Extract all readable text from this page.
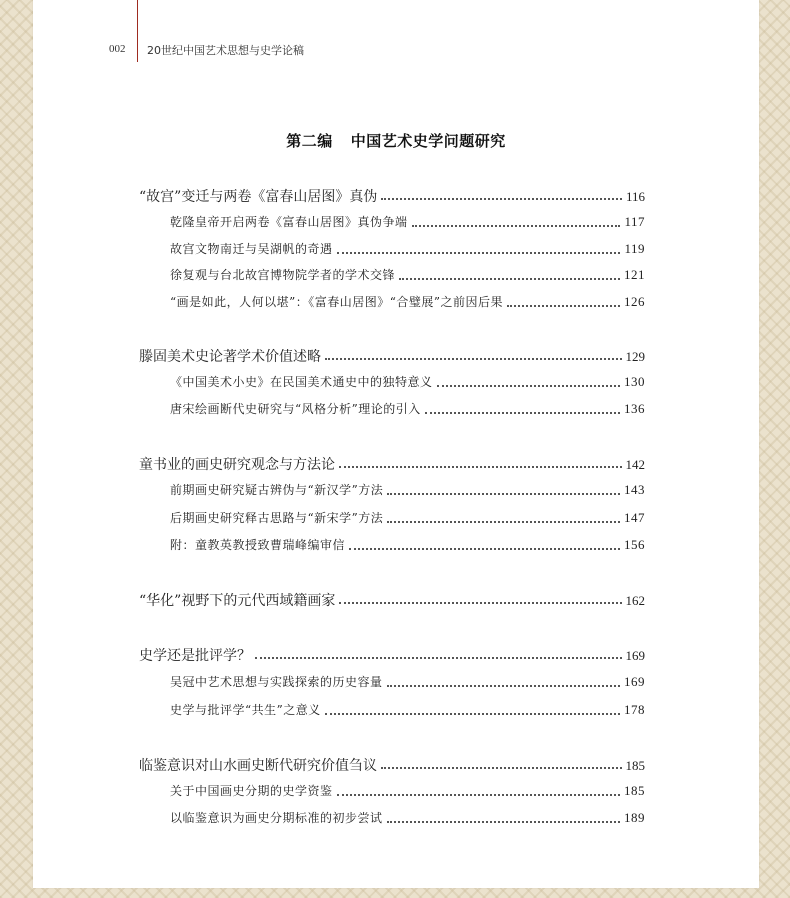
002 20世纪中国艺术思想与史学论稿
第二编 中国艺术史学问题研究
“故宫”变迁与两卷《富春山居图》真伪	116
乾隆皇帝开启两卷《富春山居图》真伪争端	117
故宫文物南迁与吴湖帆的奇遇	119
徐复观与台北故宫博物院学者的学术交锋	121
“画是如此，人何以堪”：《富春山居图》“合璧展”之前因后果	126
滕固美术史论著学术价值述略	129
《中国美术小史》在民国美术通史中的独特意义	130
唐宋绘画断代史研究与“风格分析”理论的引入	136
童书业的画史研究观念与方法论	142
前期画史研究疑古辨伪与“新汉学”方法	143
后期画史研究释古思路与“新宋学”方法	147
附：童教英教授致曹瑞峰编审信	156
“华化”视野下的元代西域籍画家	162
史学还是批评学？	169
吴冠中艺术思想与实践探索的历史容量	169
史学与批评学“共生”之意义	178
临鉴意识对山水画史断代研究价值刍议	185
关于中国画史分期的史学资鉴	185
以临鉴意识为画史分期标准的初步尝试	189
